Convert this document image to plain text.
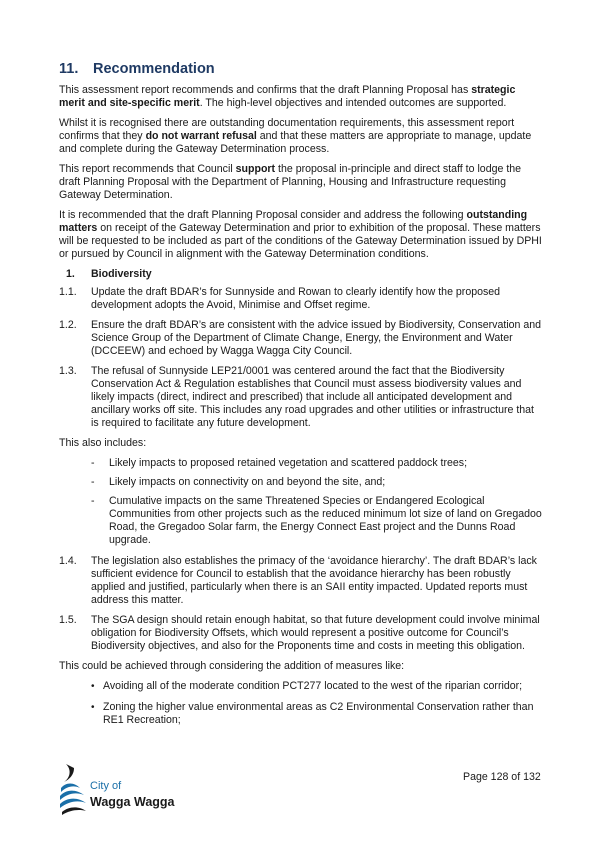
11.	Recommendation

This assessment report recommends and confirms that the draft Planning Proposal has strategic merit and site-specific merit. The high-level objectives and intended outcomes are supported.

Whilst it is recognised there are outstanding documentation requirements, this assessment report confirms that they do not warrant refusal and that these matters are appropriate to manage, update and complete during the Gateway Determination process.

This report recommends that Council support the proposal in-principle and direct staff to lodge the draft Planning Proposal with the Department of Planning, Housing and Infrastructure requesting Gateway Determination.

It is recommended that the draft Planning Proposal consider and address the following outstanding matters on receipt of the Gateway Determination and prior to exhibition of the proposal. These matters will be requested to be included as part of the conditions of the Gateway Determination issued by DPHI or pursued by Council in alignment with the Gateway Determination conditions.

1.	Biodiversity
1.1.	Update the draft BDAR’s for Sunnyside and Rowan to clearly identify how the proposed development adopts the Avoid, Minimise and Offset regime.
1.2.	Ensure the draft BDAR’s are consistent with the advice issued by Biodiversity, Conservation and Science Group of the Department of Climate Change, Energy, the Environment and Water (DCCEEW) and echoed by Wagga Wagga City Council.
1.3.	The refusal of Sunnyside LEP21/0001 was centered around the fact that the Biodiversity Conservation Act & Regulation establishes that Council must assess biodiversity values and likely impacts (direct, indirect and prescribed) that include all anticipated development and ancillary works off site. This includes any road upgrades and other utilities or infrastructure that is required to facilitate any future development.

This also includes:

-	Likely impacts to proposed retained vegetation and scattered paddock trees;
-	Likely impacts on connectivity on and beyond the site, and;
-	Cumulative impacts on the same Threatened Species or Endangered Ecological Communities from other projects such as the reduced minimum lot size of land on Gregadoo Road, the Gregadoo Solar farm, the Energy Connect East project and the Dunns Road upgrade.
1.4.	The legislation also establishes the primacy of the ‘avoidance hierarchy’. The draft BDAR’s lack sufficient evidence for Council to establish that the avoidance hierarchy has been robustly applied and justified, particularly when there is an SAII entity impacted. Updated reports must address this matter.
1.5.	The SGA design should retain enough habitat, so that future development could involve minimal obligation for Biodiversity Offsets, which would represent a positive outcome for Council’s Biodiversity objectives, and also for the Proponents time and costs in meeting this obligation.

This could be achieved through considering the addition of measures like:

• Avoiding all of the moderate condition PCT277 located to the west of the riparian corridor;
• Zoning the higher value environmental areas as C2 Environmental Conservation rather than RE1 Recreation;
City of
Wagga Wagga
Page 128 of 132
